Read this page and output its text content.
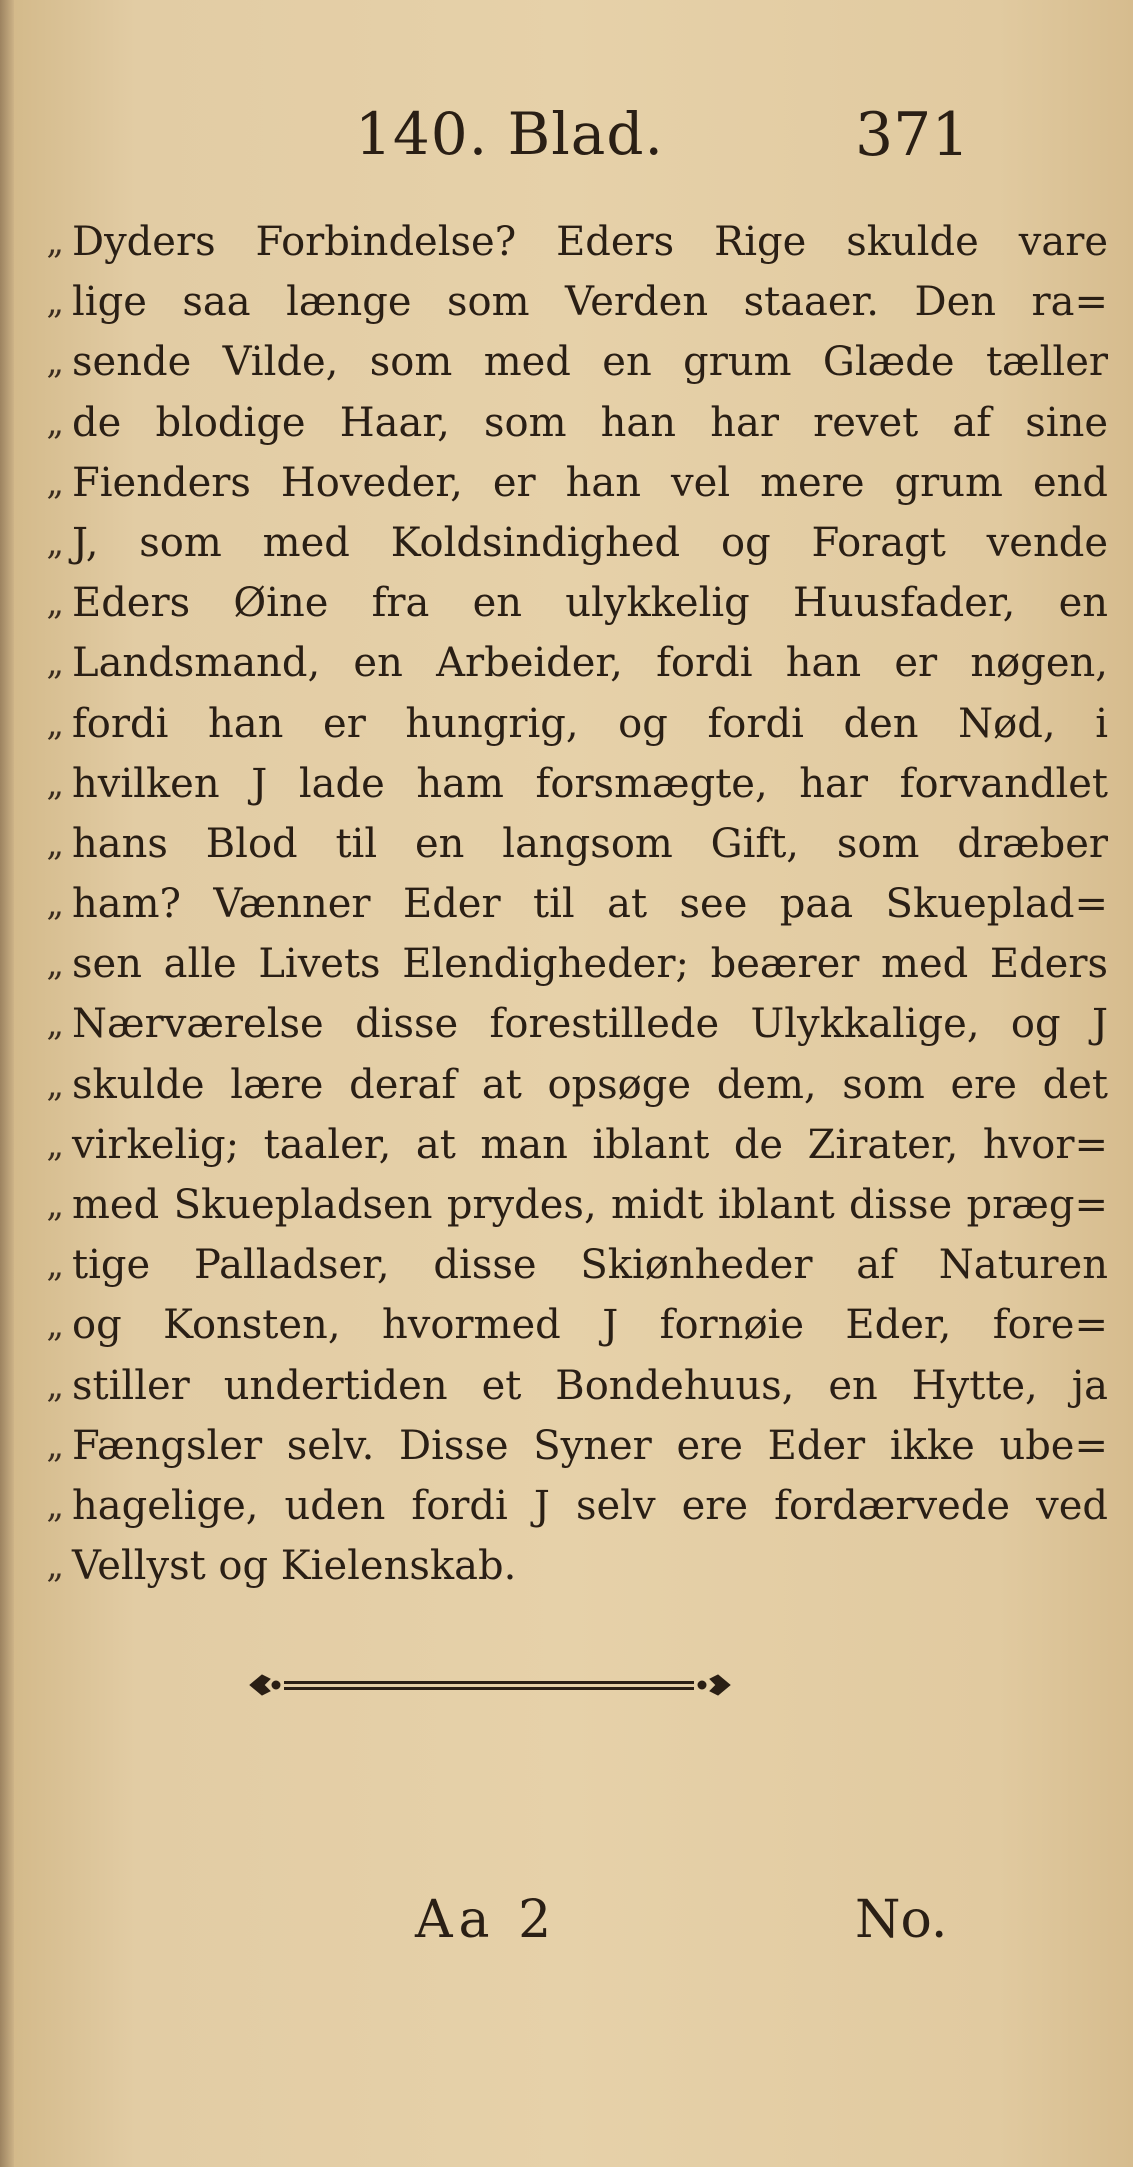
140. Blad.	371
„ Dyders Forbindelse? Eders Rige skulde vare
„ lige saa længe som Verden staaer. Den ra=
„ sende Vilde, som med en grum Glæde tæller
„ de blodige Haar, som han har revet af sine
„ Fienders Hoveder, er han vel mere grum end
„ J, som med Koldsindighed og Foragt vende
„ Eders Øine fra en ulykkelig Huusfader, en
„ Landsmand, en Arbeider, fordi han er nøgen,
„ fordi han er hungrig, og fordi den Nød, i
„ hvilken J lade ham forsmægte, har forvandlet
„ hans Blod til en langsom Gift, som dræber
„ ham? Vænner Eder til at see paa Skueplad=
„ sen alle Livets Elendigheder; beærer med Eders
„ Nærværelse disse forestillede Ulykkalige, og J
„ skulde lære deraf at opsøge dem, som ere det
„ virkelig; taaler, at man iblant de Zirater, hvor=
„ med Skuepladsen prydes, midt iblant disse præg=
„ tige Palladser, disse Skiønheder af Naturen
„ og Konsten, hvormed J fornøie Eder, fore=
„ stiller undertiden et Bondehuus, en Hytte, ja
„ Fængsler selv. Disse Syner ere Eder ikke ube=
„ hagelige, uden fordi J selv ere fordærvede ved
„ Vellyst og Kielenskab.
Aa 2	No.
